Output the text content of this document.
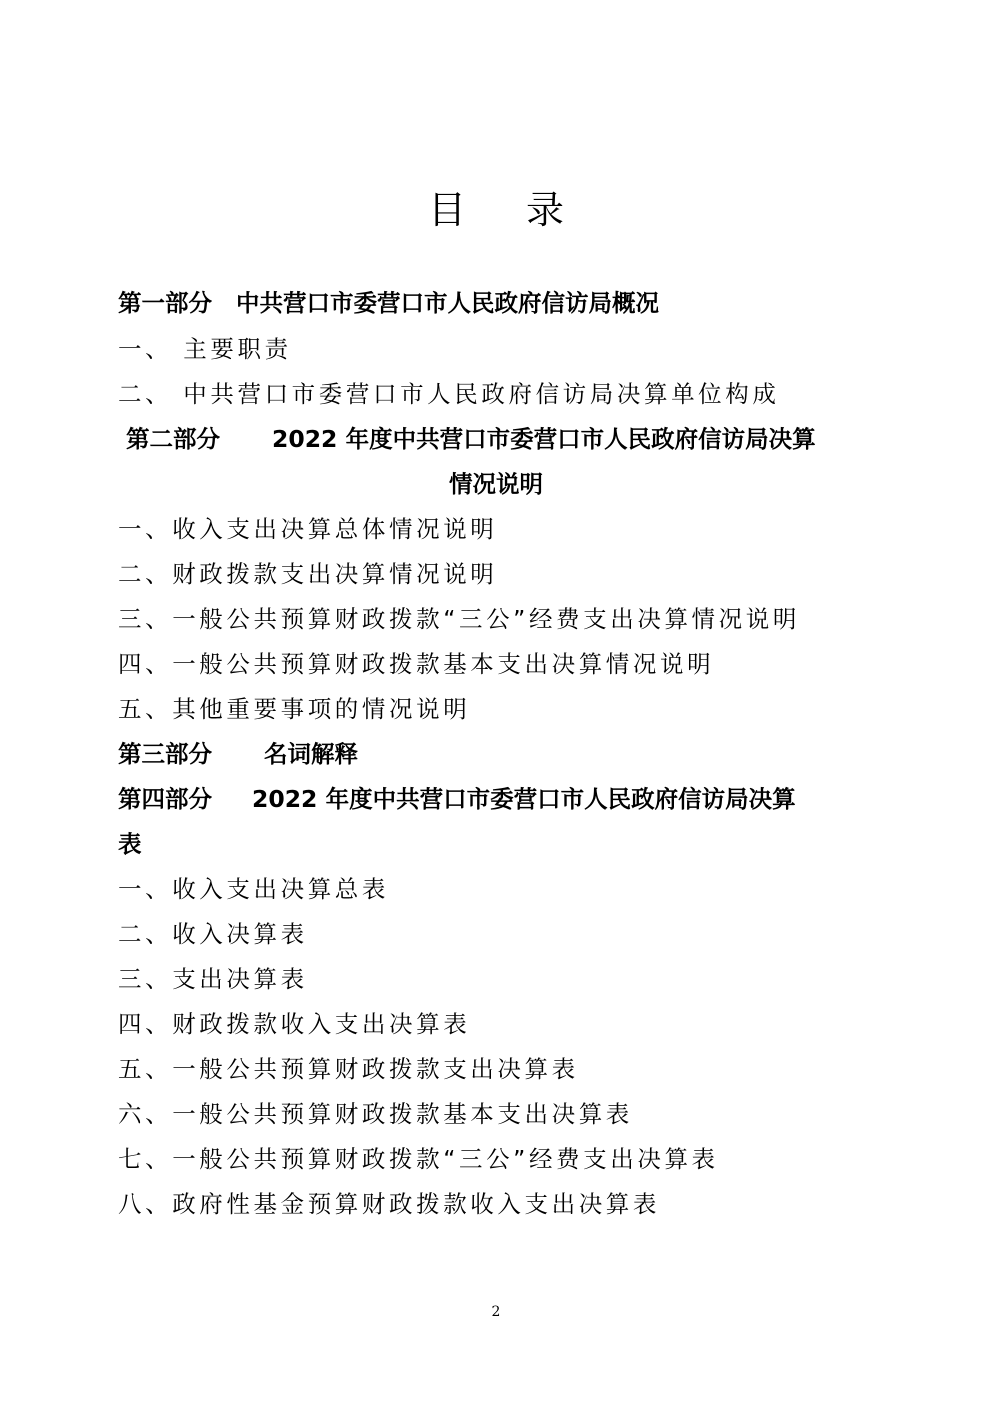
目录
第一部分 中共营口市委营口市人民政府信访局概况
一、 主要职责
二、 中共营口市委营口市人民政府信访局决算单位构成
第二部分 2022 年度中共营口市委营口市人民政府信访局决算
情况说明
一、收入支出决算总体情况说明
二、财政拨款支出决算情况说明
三、一般公共预算财政拨款“三公”经费支出决算情况说明
四、一般公共预算财政拨款基本支出决算情况说明
五、其他重要事项的情况说明
第三部分 名词解释
第四部分 2022 年度中共营口市委营口市人民政府信访局决算
表
一、收入支出决算总表
二、收入决算表
三、支出决算表
四、财政拨款收入支出决算表
五、一般公共预算财政拨款支出决算表
六、一般公共预算财政拨款基本支出决算表
七、一般公共预算财政拨款“三公”经费支出决算表
八、政府性基金预算财政拨款收入支出决算表
2
